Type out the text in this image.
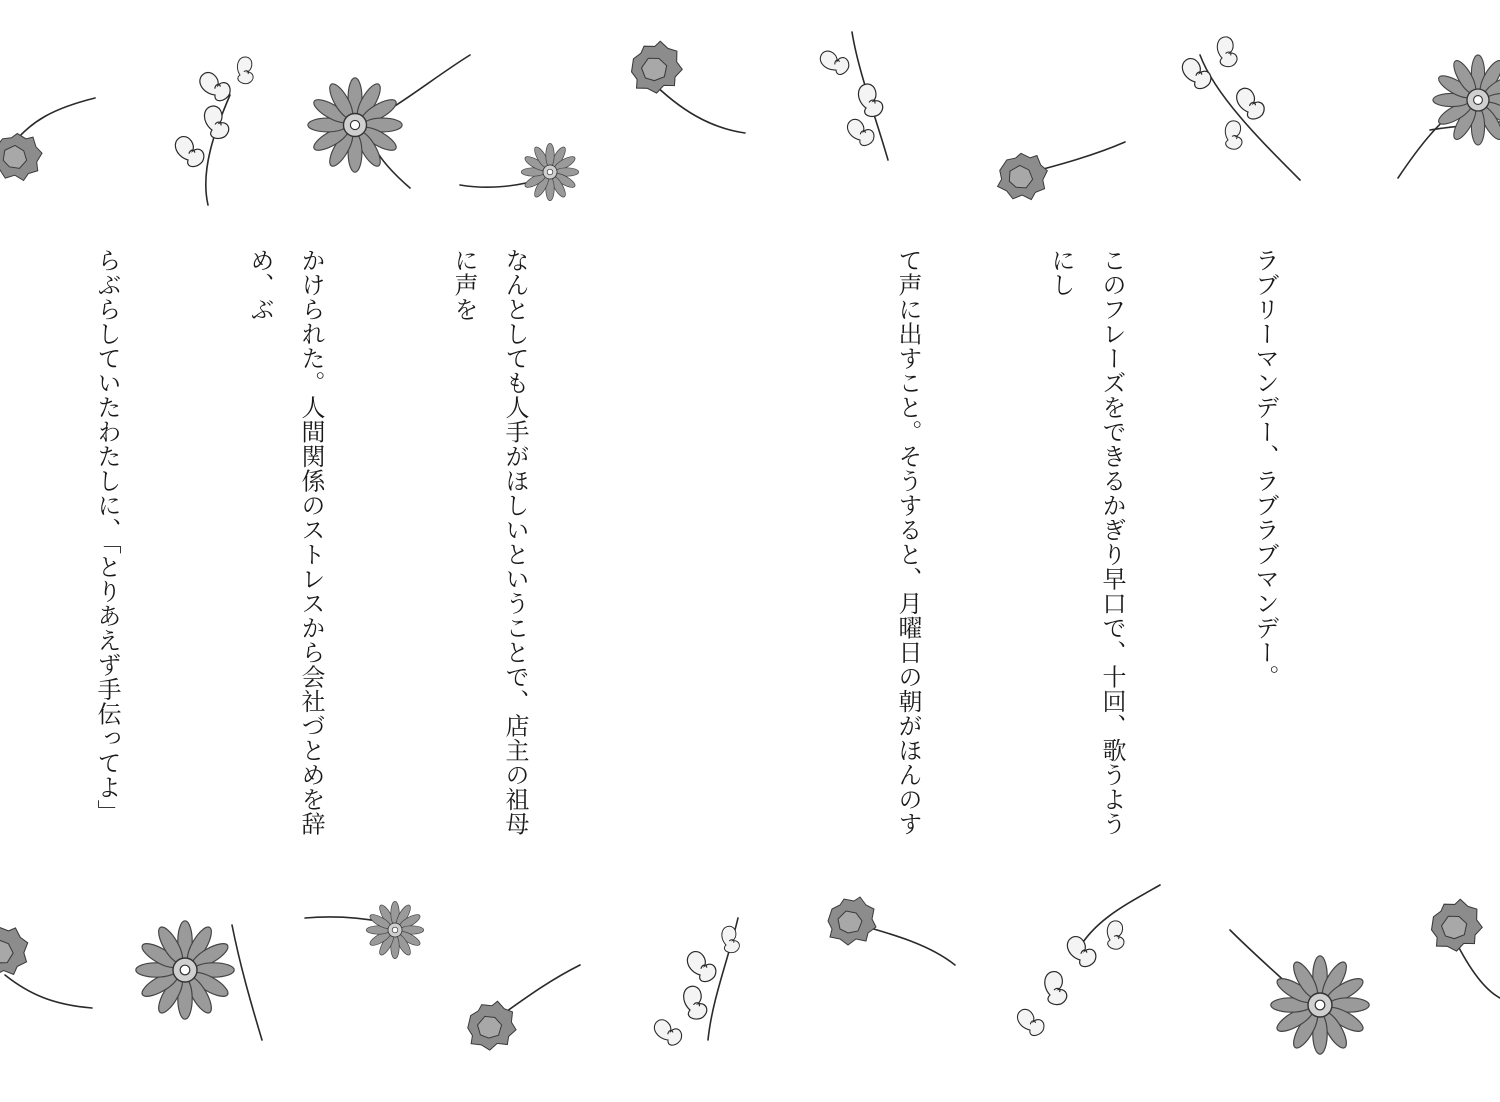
ラブリーマンデー、ラブラブマンデー。

このフレーズをできるかぎり早口で、十回、歌うようにし

て声に出すこと。そうすると、月曜日の朝がほんのす

なんとしても人手がほしいということで、店主の祖母に声を

かけられた。人間関係のストレスから会社づとめを辞め、ぶ

らぶらしていたわたしに、「とりあえず手伝ってよ」
